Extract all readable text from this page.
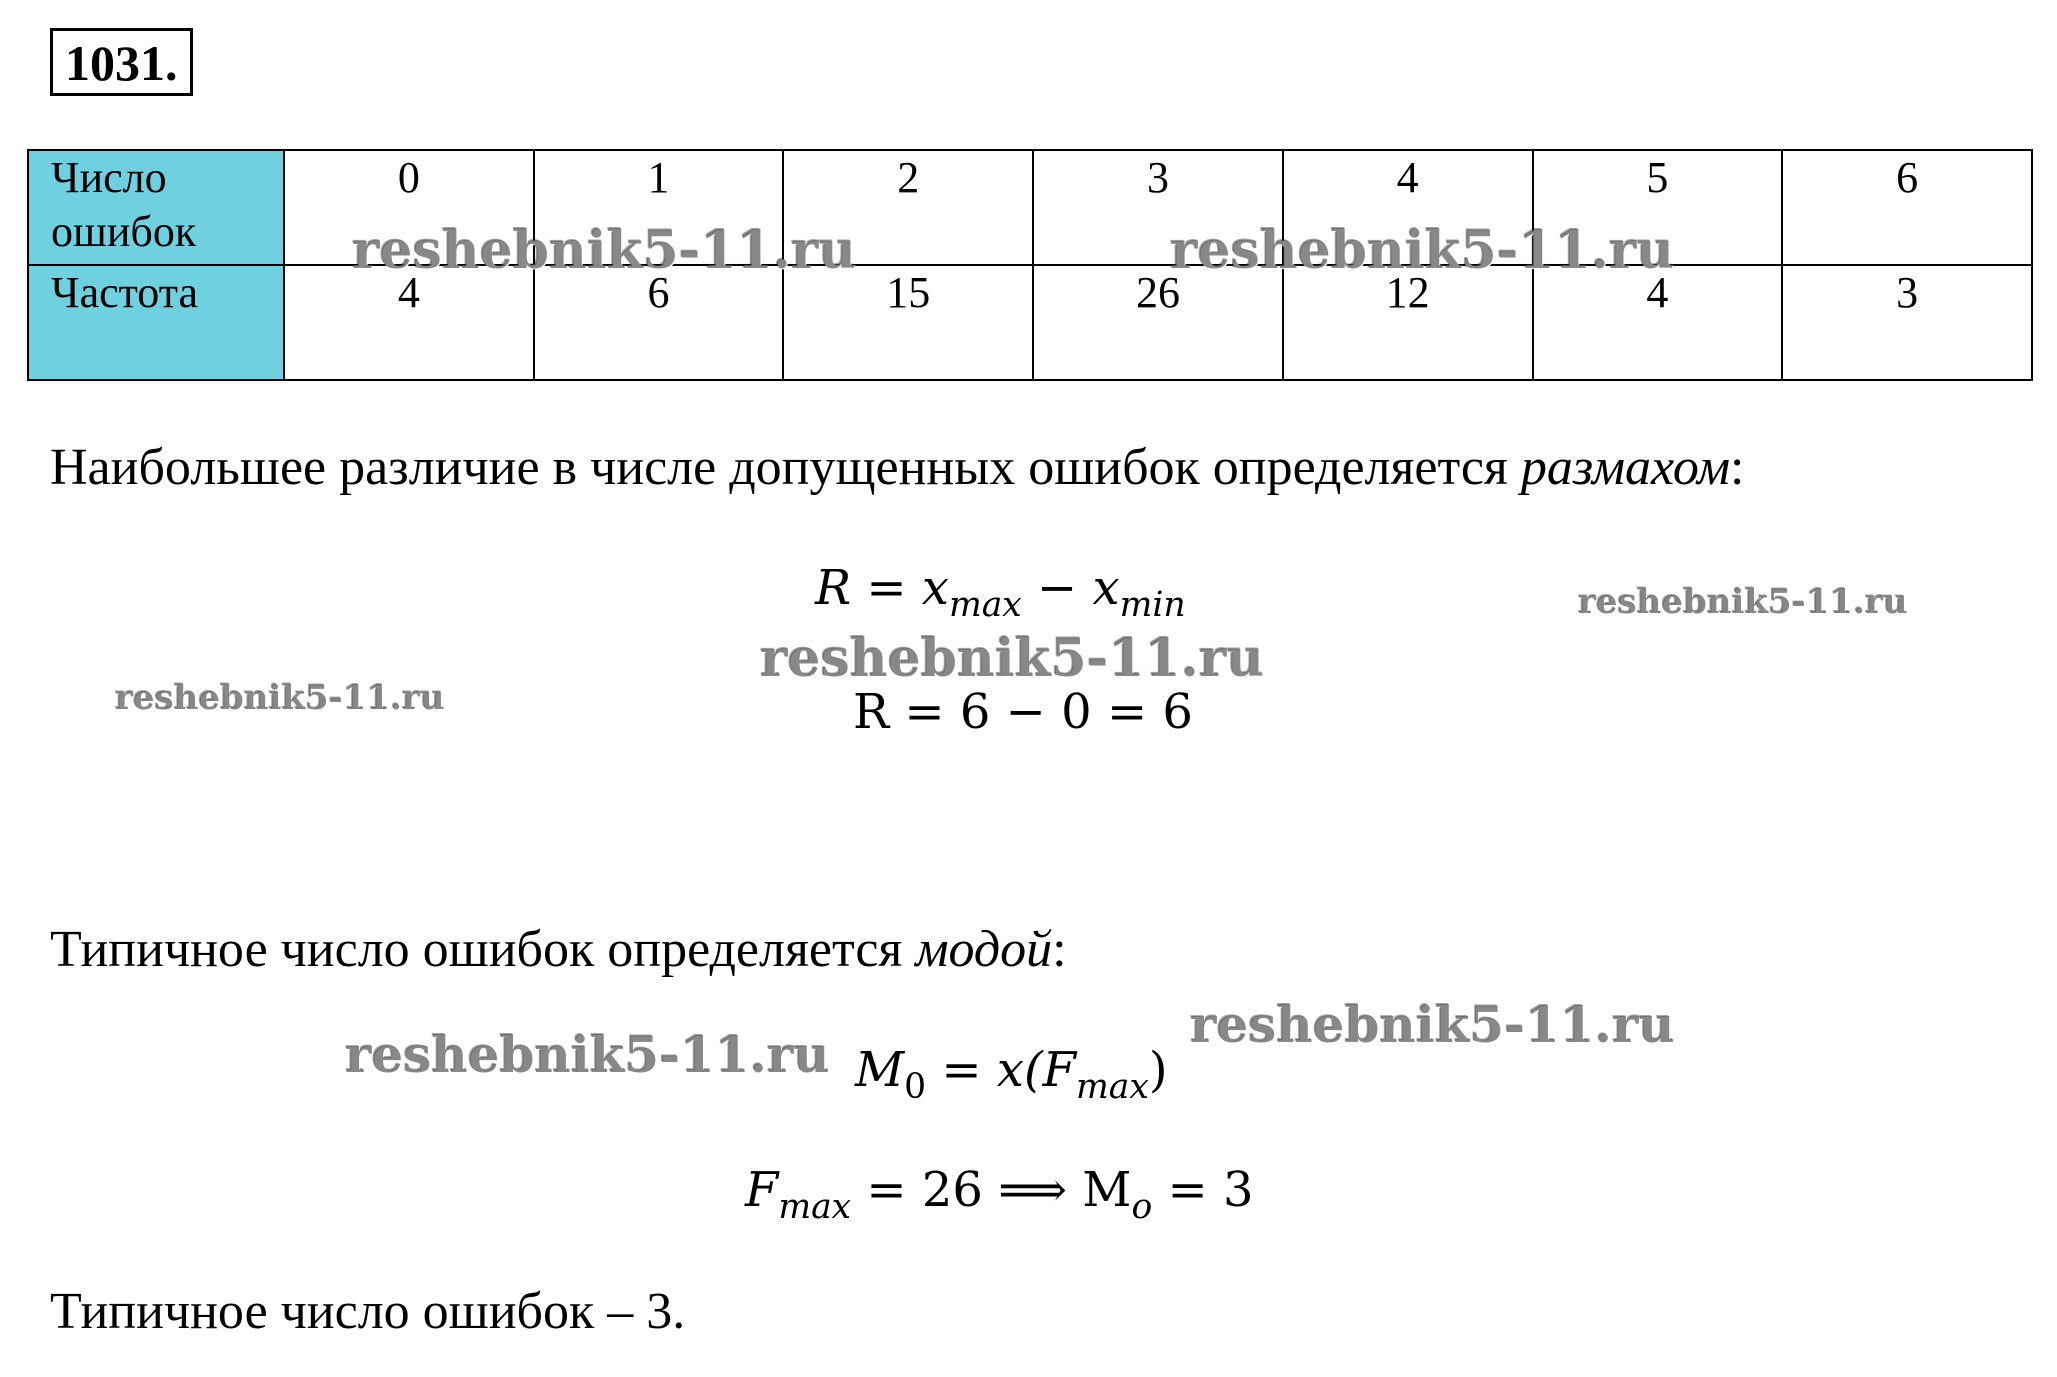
1031.
Число ошибок	0	1	2	3	4	5	6
Частота	4	6	15	26	12	4	3
Наибольшее различие в числе допущенных ошибок определяется размахом:
$R = x_{max} - x_{min}$
R = 6 − 0 = 6
Типичное число ошибок определяется модой:
$M_0 = x(F_{max})$
$F_{max} = 26$ ⟹ $M_o = 3$
Типичное число ошибок – 3.
reshebnik5-11.ru	reshebnik5-11.ru
reshebnik5-11.ru
reshebnik5-11.ru
reshebnik5-11.ru
reshebnik5-11.ru
reshebnik5-11.ru
